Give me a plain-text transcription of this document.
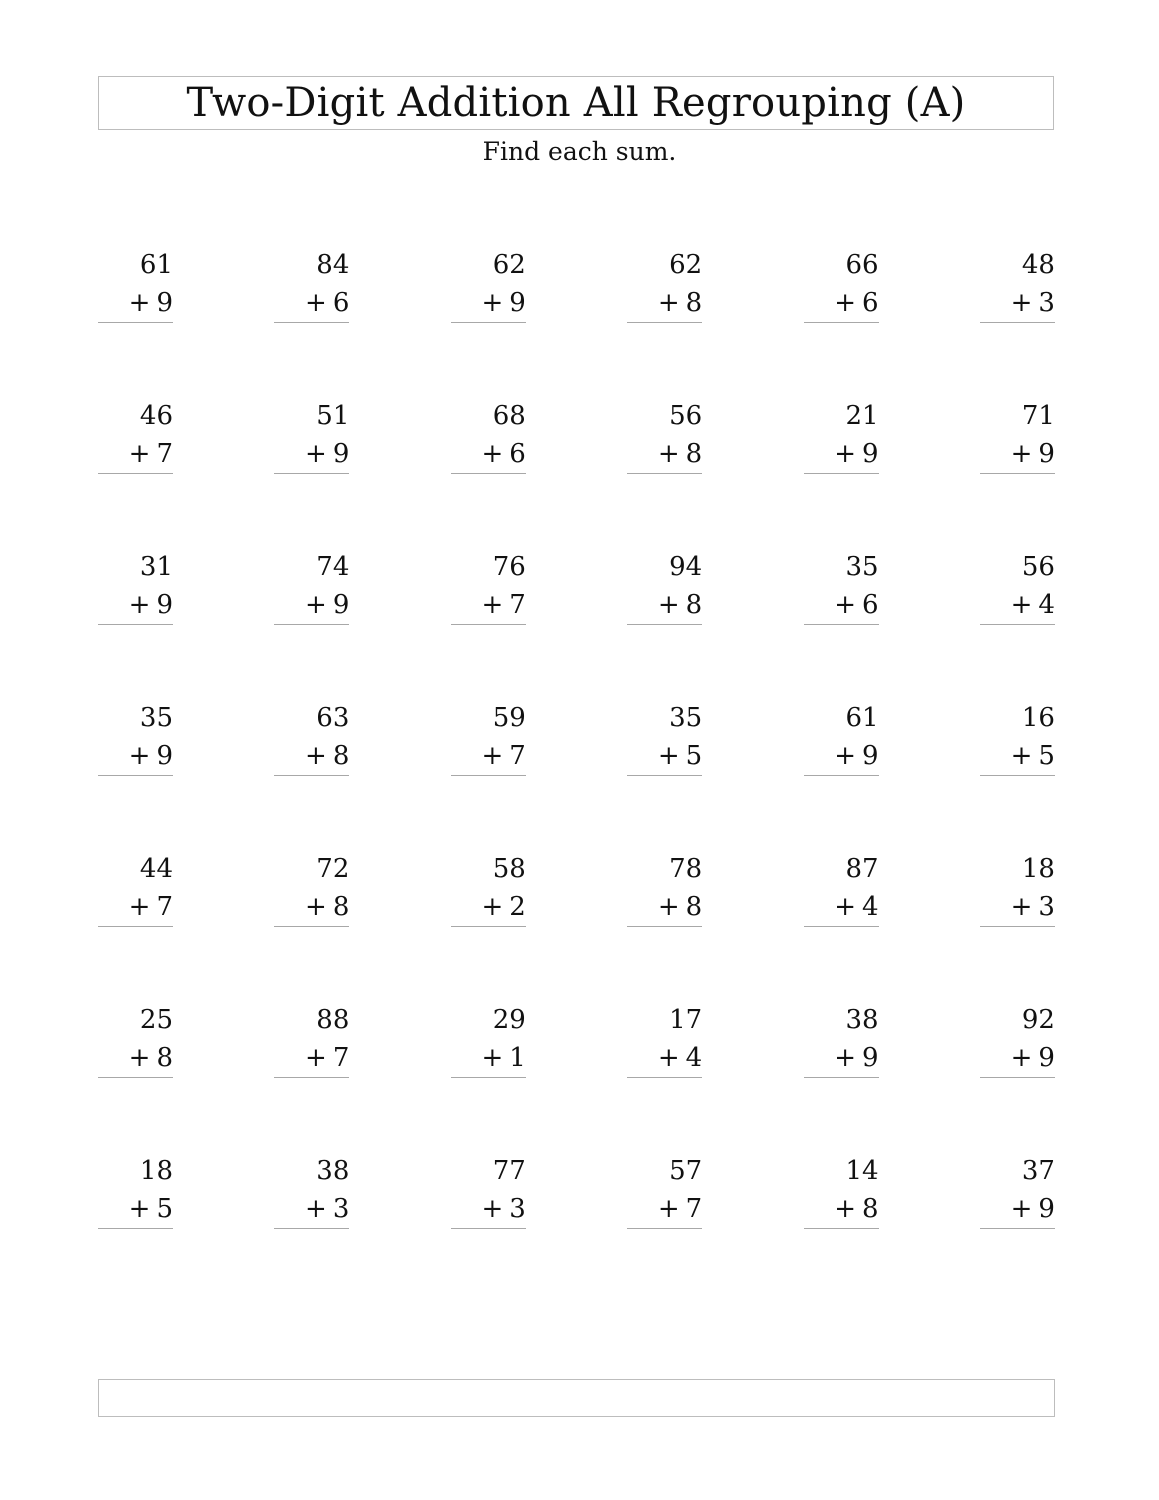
Two-Digit Addition All Regrouping (A)
Find each sum.
61
+ 9
84
+ 6
62
+ 9
62
+ 8
66
+ 6
48
+ 3
46
+ 7
51
+ 9
68
+ 6
56
+ 8
21
+ 9
71
+ 9
31
+ 9
74
+ 9
76
+ 7
94
+ 8
35
+ 6
56
+ 4
35
+ 9
63
+ 8
59
+ 7
35
+ 5
61
+ 9
16
+ 5
44
+ 7
72
+ 8
58
+ 2
78
+ 8
87
+ 4
18
+ 3
25
+ 8
88
+ 7
29
+ 1
17
+ 4
38
+ 9
92
+ 9
18
+ 5
38
+ 3
77
+ 3
57
+ 7
14
+ 8
37
+ 9
